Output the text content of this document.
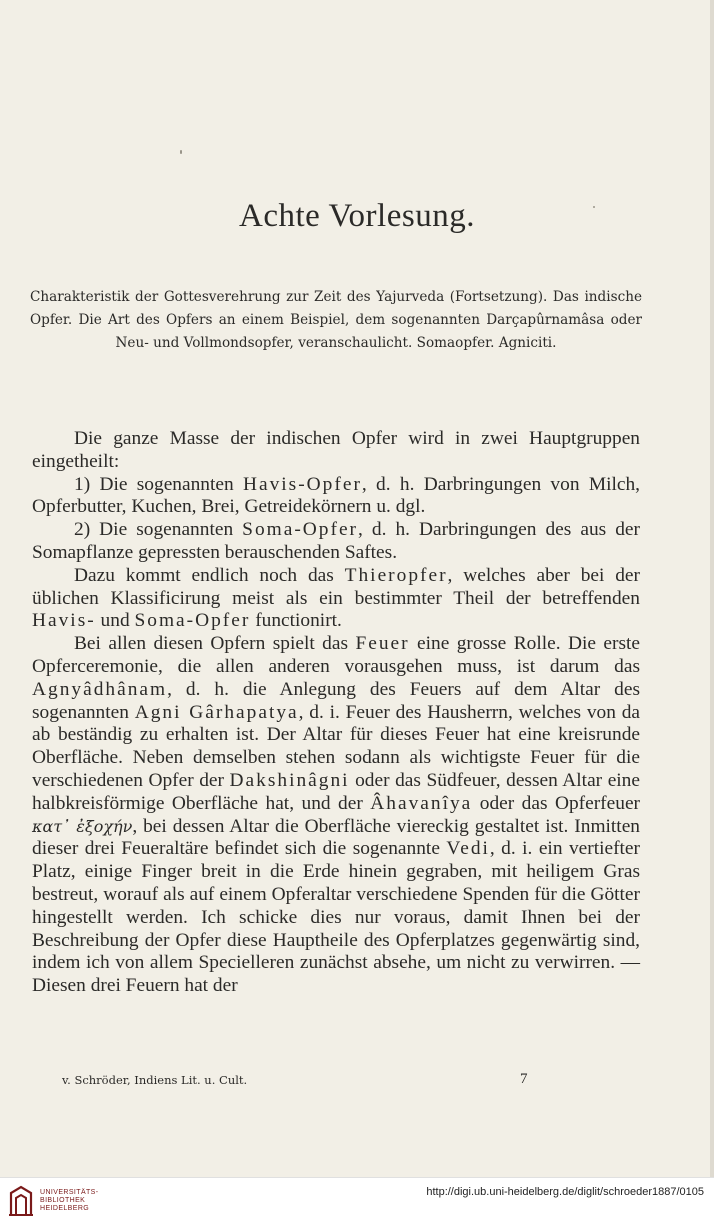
Achte Vorlesung.

Charakteristik der Gottesverehrung zur Zeit des Yajurveda (Fortsetzung). Das indische Opfer. Die Art des Opfers an einem Beispiel, dem sogenannten Darçapûrnamâsa oder Neu- und Vollmondsopfer, veranschaulicht. Somaopfer. Agniciti.

Die ganze Masse der indischen Opfer wird in zwei Hauptgruppen eingetheilt:

1) Die sogenannten Havis-Opfer, d. h. Darbringungen von Milch, Opferbutter, Kuchen, Brei, Getreidekörnern u. dgl.

2) Die sogenannten Soma-Opfer, d. h. Darbringungen des aus der Somapflanze gepressten berauschenden Saftes.

Dazu kommt endlich noch das Thieropfer, welches aber bei der üblichen Klassificirung meist als ein bestimmter Theil der betreffenden Havis- und Soma-Opfer functionirt.

Bei allen diesen Opfern spielt das Feuer eine grosse Rolle. Die erste Opferceremonie, die allen anderen vorausgehen muss, ist darum das Agnyâdhânam, d. h. die Anlegung des Feuers auf dem Altar des sogenannten Agni Gârhapatya, d. i. Feuer des Hausherrn, welches von da ab beständig zu erhalten ist. Der Altar für dieses Feuer hat eine kreisrunde Oberfläche. Neben demselben stehen sodann als wichtigste Feuer für die verschiedenen Opfer der Dakshinâgni oder das Südfeuer, dessen Altar eine halbkreisförmige Oberfläche hat, und der Âhavanîya oder das Opferfeuer κατ᾽ ἐξοχήν, bei dessen Altar die Oberfläche viereckig gestaltet ist. Inmitten dieser drei Feueraltäre befindet sich die sogenannte Vedi, d. i. ein vertiefter Platz, einige Finger breit in die Erde hinein gegraben, mit heiligem Gras bestreut, worauf als auf einem Opferaltar verschiedene Spenden für die Götter hingestellt werden. Ich schicke dies nur voraus, damit Ihnen bei der Beschreibung der Opfer diese Hauptheile des Opferplatzes gegenwärtig sind, indem ich von allem Specielleren zunächst absehe, um nicht zu verwirren. — Diesen drei Feuern hat der

v. Schröder, Indiens Lit. u. Cult.	7
UNIVERSITÄTS-
BIBLIOTHEK
HEIDELBERG
http://digi.ub.uni-heidelberg.de/diglit/schroeder1887/0105
